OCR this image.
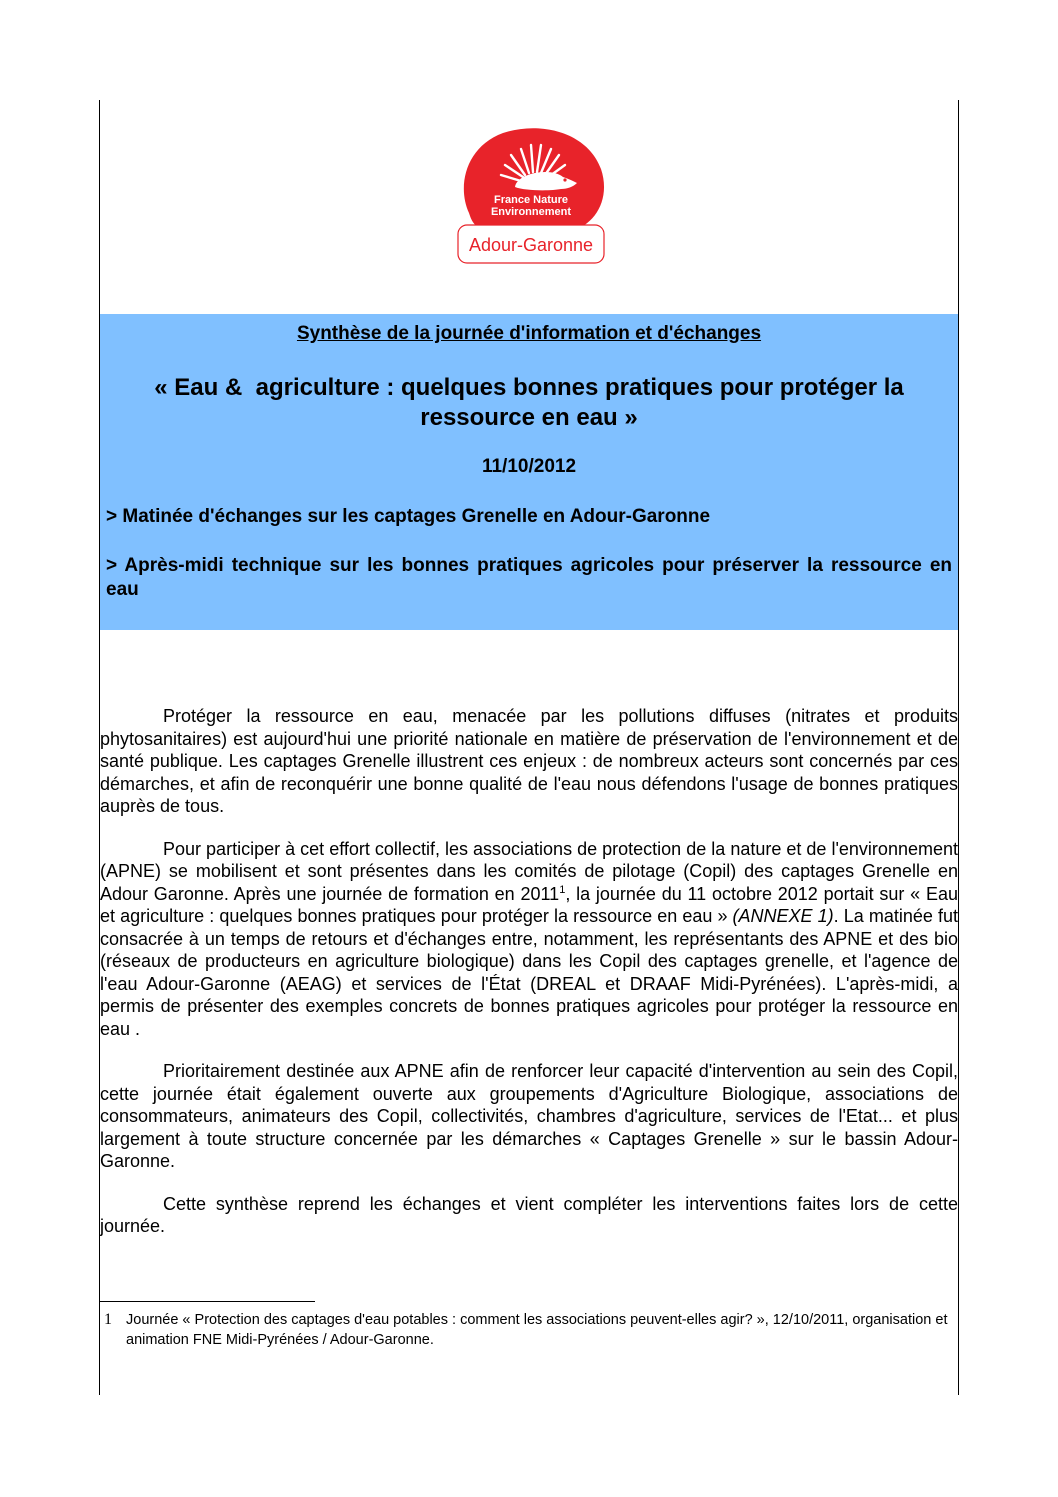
France Nature
Environnement
Adour-Garonne
Synthèse de la journée d'information et d'échanges
« Eau &  agriculture : quelques bonnes pratiques pour protéger la
ressource en eau »
11/10/2012
> Matinée d'échanges sur les captages Grenelle en Adour-Garonne
> Après-midi technique sur les bonnes pratiques agricoles pour préserver la ressource en eau

Protéger la ressource en eau, menacée par les pollutions diffuses (nitrates et produits phytosanitaires) est aujourd'hui une priorité nationale en matière de préservation de l'environnement et de santé publique. Les captages Grenelle illustrent ces enjeux : de nombreux acteurs sont concernés par ces démarches, et afin de reconquérir une bonne qualité de l'eau nous défendons l'usage de bonnes pratiques auprès de tous.

Pour participer à cet effort collectif, les associations de protection de la nature et de l'environnement (APNE) se mobilisent et sont présentes dans les comités de pilotage (Copil) des captages Grenelle en Adour Garonne. Après une journée de formation en 2011$^1$, la journée du 11 octobre 2012 portait sur « Eau et agriculture : quelques bonnes pratiques pour protéger la ressource en eau » (ANNEXE 1). La matinée fut consacrée à un temps de retours et d'échanges entre, notamment, les représentants des APNE et des bio (réseaux de producteurs en agriculture biologique) dans les Copil des captages grenelle, et l'agence de l'eau Adour-Garonne (AEAG) et services de l'État (DREAL et DRAAF Midi-Pyrénées). L'après-midi, a permis de présenter des exemples concrets de bonnes pratiques agricoles pour protéger la ressource en eau .

Prioritairement destinée aux APNE afin de renforcer leur capacité d'intervention au sein des Copil, cette journée était également ouverte aux groupements d'Agriculture Biologique, associations de consommateurs, animateurs des Copil, collectivités, chambres d'agriculture, services de l'Etat... et plus largement à toute structure concernée par les démarches « Captages Grenelle » sur le bassin Adour-Garonne.

Cette synthèse reprend les échanges et vient compléter les interventions faites lors de cette journée.

1 Journée « Protection des captages d'eau potables : comment les associations peuvent-elles agir? », 12/10/2011, organisation et animation FNE Midi-Pyrénées / Adour-Garonne.
